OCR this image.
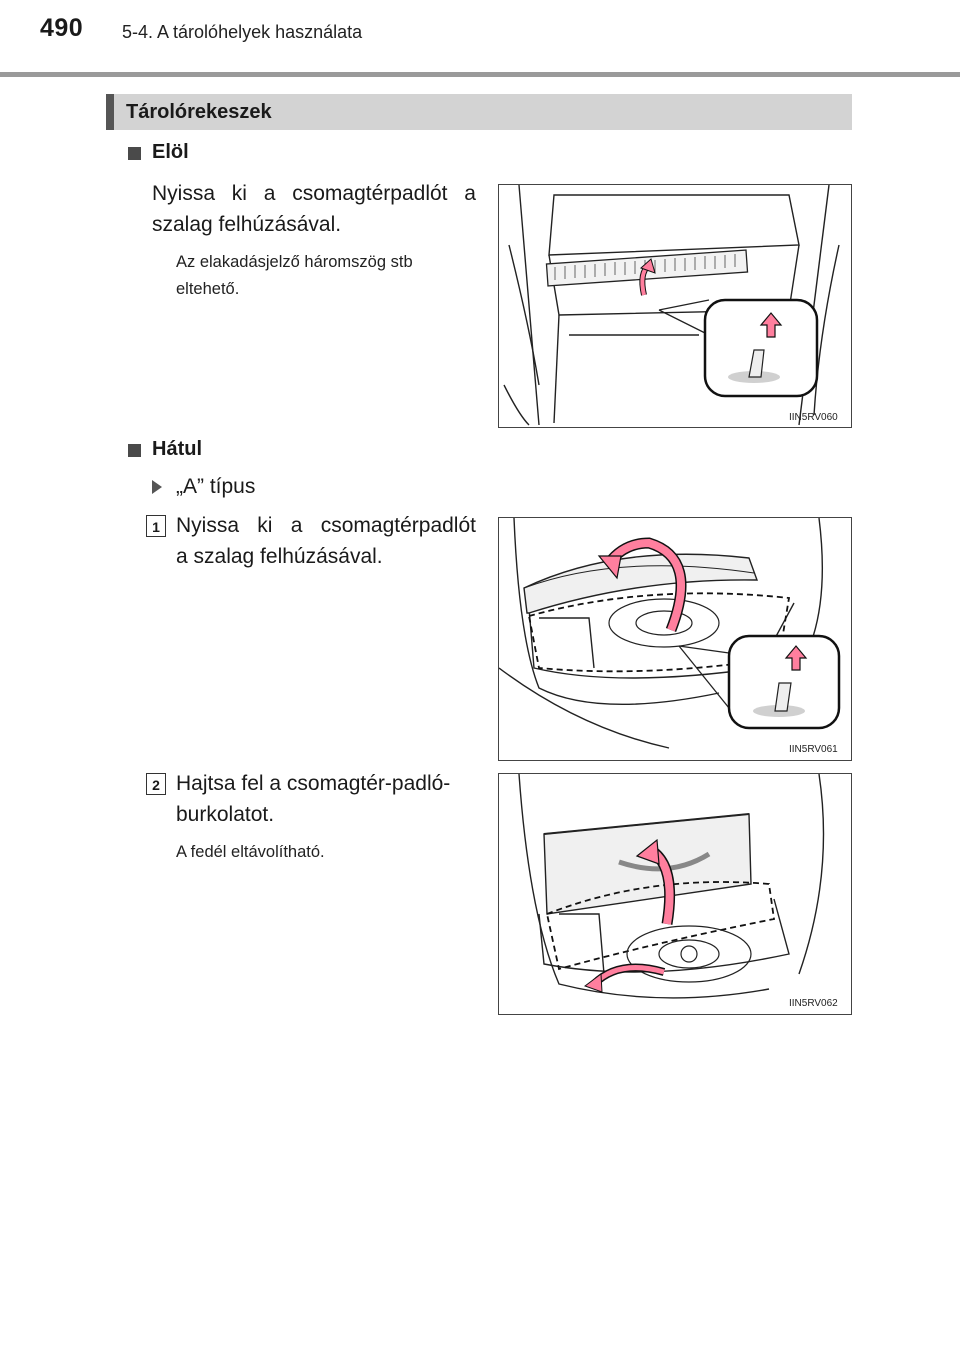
490 5-4. A tárolóhelyek használata
Tárolórekeszek
Elöl
Nyissa ki a csomagtérpadlót a
szalag felhúzásával.
Az elakadásjelző háromszög stb
eltehető.
IIN5RV060
Hátul
„A” típus
1 Nyissa ki a csomagtérpadlót
a szalag felhúzásával.
IIN5RV061
2 Hajtsa fel a csomagtér-padló-
burkolatot.
A fedél eltávolítható.
IIN5RV062
